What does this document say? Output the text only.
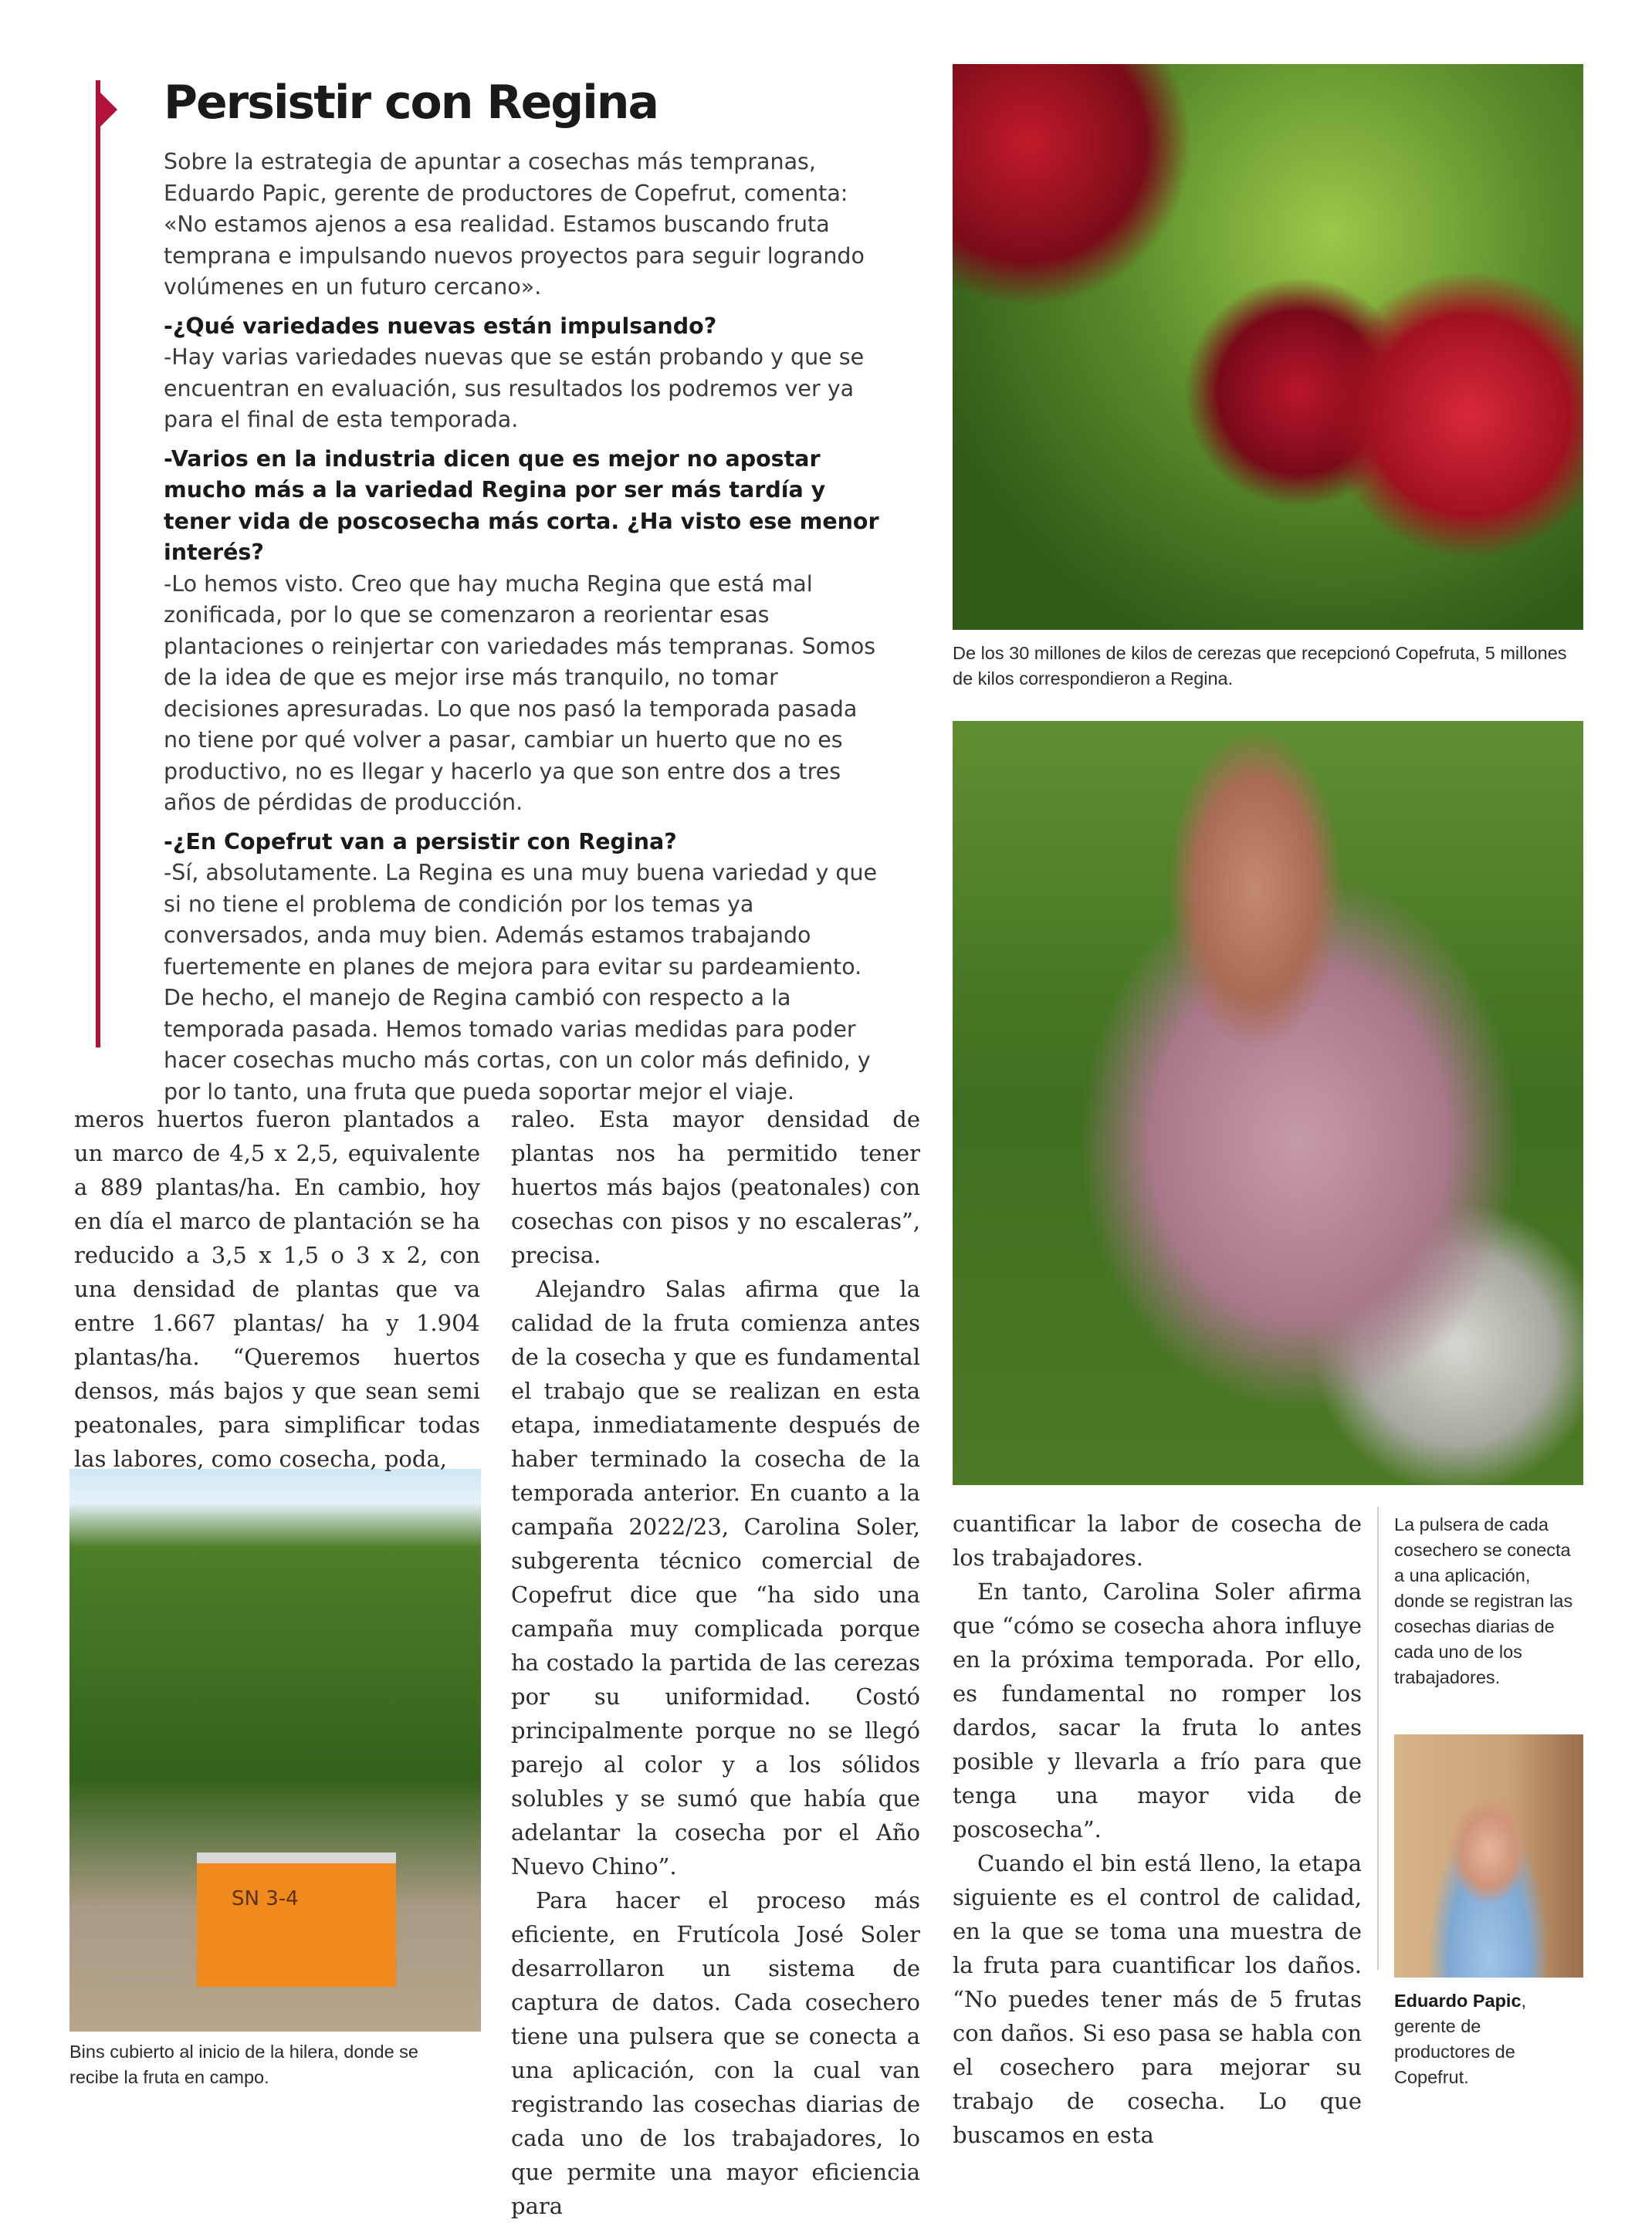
Persistir con Regina

Sobre la estrategia de apuntar a cosechas más tempranas, Eduardo Papic, gerente de productores de Copefrut, comenta: «No estamos ajenos a esa realidad. Estamos buscando fruta temprana e impulsando nuevos proyectos para seguir logrando volúmenes en un futuro cercano».

-¿Qué variedades nuevas están impulsando?

-Hay varias variedades nuevas que se están probando y que se encuentran en evaluación, sus resultados los podremos ver ya para el final de esta temporada.

-Varios en la industria dicen que es mejor no apostar mucho más a la variedad Regina por ser más tardía y tener vida de poscosecha más corta. ¿Ha visto ese menor interés?

-Lo hemos visto. Creo que hay mucha Regina que está mal zonificada, por lo que se comenzaron a reorientar esas plantaciones o reinjertar con variedades más tempranas. Somos de la idea de que es mejor irse más tranquilo, no tomar decisiones apresuradas. Lo que nos pasó la temporada pasada no tiene por qué volver a pasar, cambiar un huerto que no es productivo, no es llegar y hacerlo ya que son entre dos a tres años de pérdidas de producción.

-¿En Copefrut van a persistir con Regina?

-Sí, absolutamente. La Regina es una muy buena variedad y que si no tiene el problema de condición por los temas ya conversados, anda muy bien. Además estamos trabajando fuertemente en planes de mejora para evitar su pardeamiento. De hecho, el manejo de Regina cambió con respecto a la temporada pasada. Hemos tomado varias medidas para poder hacer cosechas mucho más cortas, con un color más definido, y por lo tanto, una fruta que pueda soportar mejor el viaje.

De los 30 millones de kilos de cerezas que recepcionó Copefruta, 5 millones de kilos correspondieron a Regina.
SN 3-4
Bins cubierto al inicio de la hilera, donde se recibe la fruta en campo.
La pulsera de cada cosechero se conecta a una aplicación, donde se registran las cosechas diarias de cada uno de los trabajadores.
Eduardo Papic, gerente de productores de Copefrut.

meros huertos fueron plantados a un marco de 4,5 x 2,5, equivalente a 889 plantas/ha. En cambio, hoy en día el marco de plantación se ha reducido a 3,5 x 1,5 o 3 x 2, con una densidad de plantas que va entre 1.667 plantas/ ha y 1.904 plantas/ha. “Queremos huertos densos, más bajos y que sean semi peatonales, para simplificar todas las labores, como cosecha, poda,

raleo. Esta mayor densidad de plantas nos ha permitido tener huertos más bajos (peatonales) con cosechas con pisos y no escaleras”, precisa.

Alejandro Salas afirma que la calidad de la fruta comienza antes de la cosecha y que es fundamental el trabajo que se realizan en esta etapa, inmediatamente después de haber terminado la cosecha de la temporada anterior. En cuanto a la campaña 2022/23, Carolina Soler, subgerenta técnico comercial de Copefrut dice que “ha sido una campaña muy complicada porque ha costado la partida de las cerezas por su uniformidad. Costó principalmente porque no se llegó parejo al color y a los sólidos solubles y se sumó que había que adelantar la cosecha por el Año Nuevo Chino”.

Para hacer el proceso más eficiente, en Frutícola José Soler desarrollaron un sistema de captura de datos. Cada cosechero tiene una pulsera que se conecta a una aplicación, con la cual van registrando las cosechas diarias de cada uno de los trabajadores, lo que permite una mayor eficiencia para

cuantificar la labor de cosecha de los trabajadores.

En tanto, Carolina Soler afirma que “cómo se cosecha ahora influye en la próxima temporada. Por ello, es fundamental no romper los dardos, sacar la fruta lo antes posible y llevarla a frío para que tenga una mayor vida de poscosecha”.

Cuando el bin está lleno, la etapa siguiente es el control de calidad, en la que se toma una muestra de la fruta para cuantificar los daños. “No puedes tener más de 5 frutas con daños. Si eso pasa se habla con el cosechero para mejorar su trabajo de cosecha. Lo que buscamos en esta
